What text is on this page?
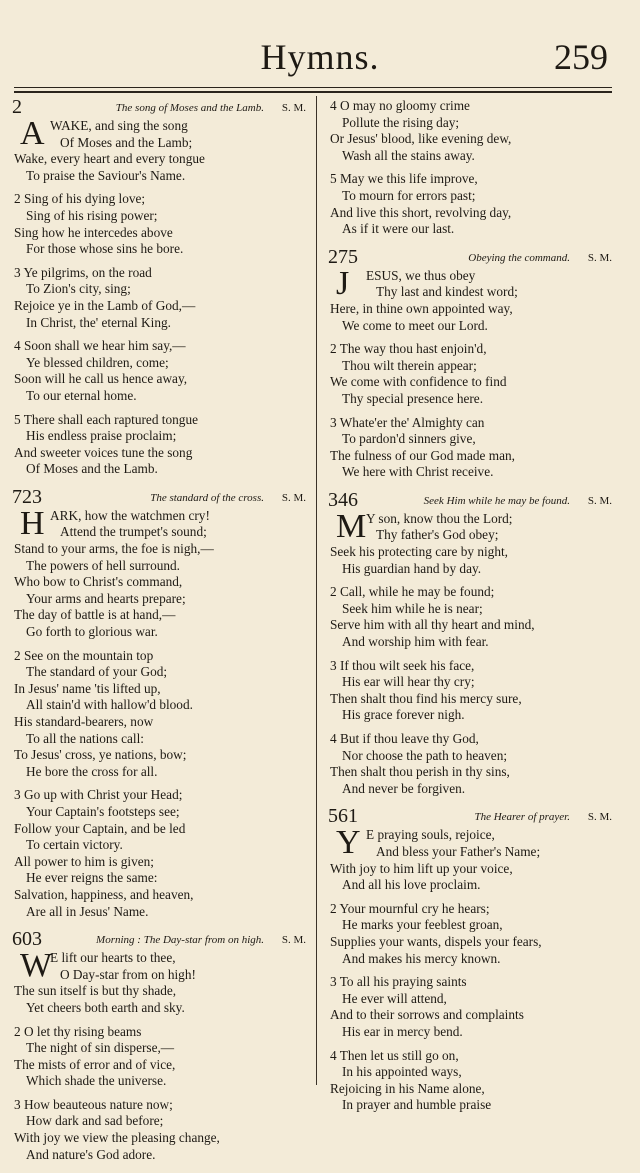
Hymns.	259
2	The song of Moses and the Lamb. S. M.
A WAKE, and sing the song
Of Moses and the Lamb;
Wake, every heart and every tongue
To praise the Saviour's Name.
2 Sing of his dying love;
Sing of his rising power;
Sing how he intercedes above
For those whose sins he bore.
3 Ye pilgrims, on the road
To Zion's city, sing;
Rejoice ye in the Lamb of God,—
In Christ, the' eternal King.
4 Soon shall we hear him say,—
Ye blessed children, come;
Soon will he call us hence away,
To our eternal home.
5 There shall each raptured tongue
His endless praise proclaim;
And sweeter voices tune the song
Of Moses and the Lamb.
723	The standard of the cross. S. M.
H ARK, how the watchmen cry!
Attend the trumpet's sound;
Stand to your arms, the foe is nigh,—
The powers of hell surround.
Who bow to Christ's command,
Your arms and hearts prepare;
The day of battle is at hand,—
Go forth to glorious war.
2 See on the mountain top
The standard of your God;
In Jesus' name 'tis lifted up,
All stain'd with hallow'd blood.
His standard-bearers, now
To all the nations call:
To Jesus' cross, ye nations, bow;
He bore the cross for all.
3 Go up with Christ your Head;
Your Captain's footsteps see;
Follow your Captain, and be led
To certain victory.
All power to him is given;
He ever reigns the same:
Salvation, happiness, and heaven,
Are all in Jesus' Name.
603	Morning : The Day-star from on high. S. M.
W
E lift our hearts to thee,
O Day-star from on high!
The sun itself is but thy shade,
Yet cheers both earth and sky.
2 O let thy rising beams
The night of sin disperse,—
The mists of error and of vice,
Which shade the universe.
3 How beauteous nature now;
How dark and sad before;
With joy we view the pleasing change,
And nature's God adore.
4 O may no gloomy crime
Pollute the rising day;
Or Jesus' blood, like evening dew,
Wash all the stains away.
5 May we this life improve,
To mourn for errors past;
And live this short, revolving day,
As if it were our last.
275	Obeying the command. S. M.
J	ESUS, we thus obey
Thy last and kindest word;
Here, in thine own appointed way,
We come to meet our Lord.
2 The way thou hast enjoin'd,
Thou wilt therein appear;
We come with confidence to find
Thy special presence here.
3 Whate'er the' Almighty can
To pardon'd sinners give,
The fulness of our God made man,
We here with Christ receive.
346	Seek Him while he may be found. S. M.
M Y son, know thou the Lord;
Thy father's God obey;
Seek his protecting care by night,
His guardian hand by day.
2 Call, while he may be found;
Seek him while he is near;
Serve him with all thy heart and mind,
And worship him with fear.
3 If thou wilt seek his face,
His ear will hear thy cry;
Then shalt thou find his mercy sure,
His grace forever nigh.
4 But if thou leave thy God,
Nor choose the path to heaven;
Then shalt thou perish in thy sins,
And never be forgiven.
561	The Hearer of prayer. S. M.
Y E praying souls, rejoice,
And bless your Father's Name;
With joy to him lift up your voice,
And all his love proclaim.
2 Your mournful cry he hears;
He marks your feeblest groan,
Supplies your wants, dispels your fears,
And makes his mercy known.
3 To all his praying saints
He ever will attend,
And to their sorrows and complaints
His ear in mercy bend.
4 Then let us still go on,
In his appointed ways,
Rejoicing in his Name alone,
In prayer and humble praise
